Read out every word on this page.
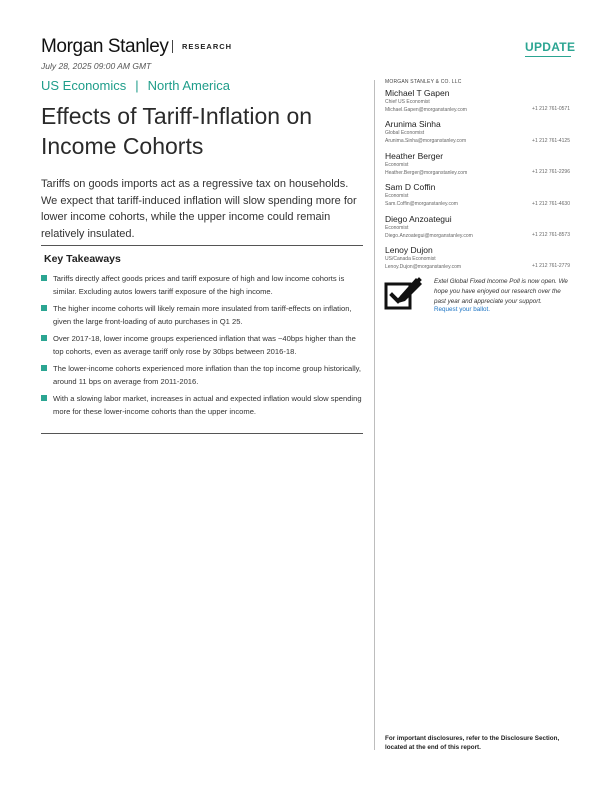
Morgan Stanley RESEARCH	UPDATE
July 28, 2025 09:00 AM GMT
US Economics | North America
Effects of Tariff-Inflation on Income Cohorts

Tariffs on goods imports act as a regressive tax on households. We expect that tariff-induced inflation will slow spending more for lower income cohorts, while the upper income could remain relatively insulated.

Key Takeaways
Tariffs directly affect goods prices and tariff exposure of high and low income cohorts is similar. Excluding autos lowers tariff exposure of the high income.
The higher income cohorts will likely remain more insulated from tariff-effects on inflation, given the large front-loading of auto purchases in Q1 25.
Over 2017-18, lower income groups experienced inflation that was ~40bps higher than the top cohorts, even as average tariff only rose by 30bps between 2016-18.
The lower-income cohorts experienced more inflation than the top income group historically, around 11 bps on average from 2011-2016.
With a slowing labor market, increases in actual and expected inflation would slow spending more for these lower-income cohorts than the upper income.
MORGAN STANLEY & CO. LLC
Michael T Gapen
Chief US Economist
Michael.Gapen@morganstanley.com	+1 212 761-0571
Arunima Sinha
Global Economist
Arunima.Sinha@morganstanley.com	+1 212 761-4125
Heather Berger
Economist
Heather.Berger@morganstanley.com	+1 212 761-2296
Sam D Coffin
Economist
Sam.Coffin@morganstanley.com	+1 212 761-4630
Diego Anzoategui
Economist
Diego.Anzoategui@morganstanley.com	+1 212 761-8573
Lenoy Dujon
US/Canada Economist
Lenoy.Dujon@morganstanley.com	+1 212 761-2779
Extel Global Fixed Income Poll is now open. We hope you have enjoyed our research over the past year and appreciate your support.
Request your ballot.
For important disclosures, refer to the Disclosure Section, located at the end of this report.
